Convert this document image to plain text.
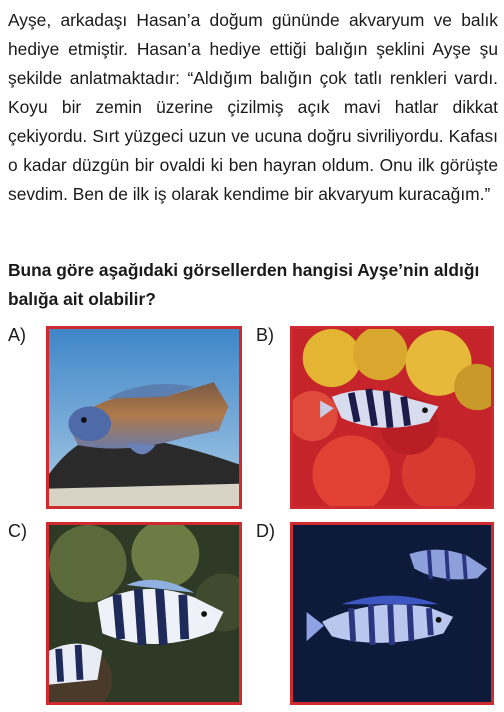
Ayşe, arkadaşı Hasan’a doğum gününde akvaryum ve balık hediye etmiştir. Hasan’a hediye ettiği balığın şeklini Ayşe şu şekilde anlatmaktadır: “Aldığım balığın çok tatlı renkleri vardı. Koyu bir zemin üzerine çizilmiş açık mavi hatlar dikkat çekiyordu. Sırt yüzgeci uzun ve ucuna doğru sivriliyordu. Kafası o kadar düzgün bir ovaldi ki ben hayran oldum. Onu ilk görüşte sevdim. Ben de ilk iş olarak kendime bir akvaryum kuracağım.”

Buna göre aşağıdaki görsellerden hangisi Ayşe’nin aldığı balığa ait olabilir?

A)	B)
C)	D)
